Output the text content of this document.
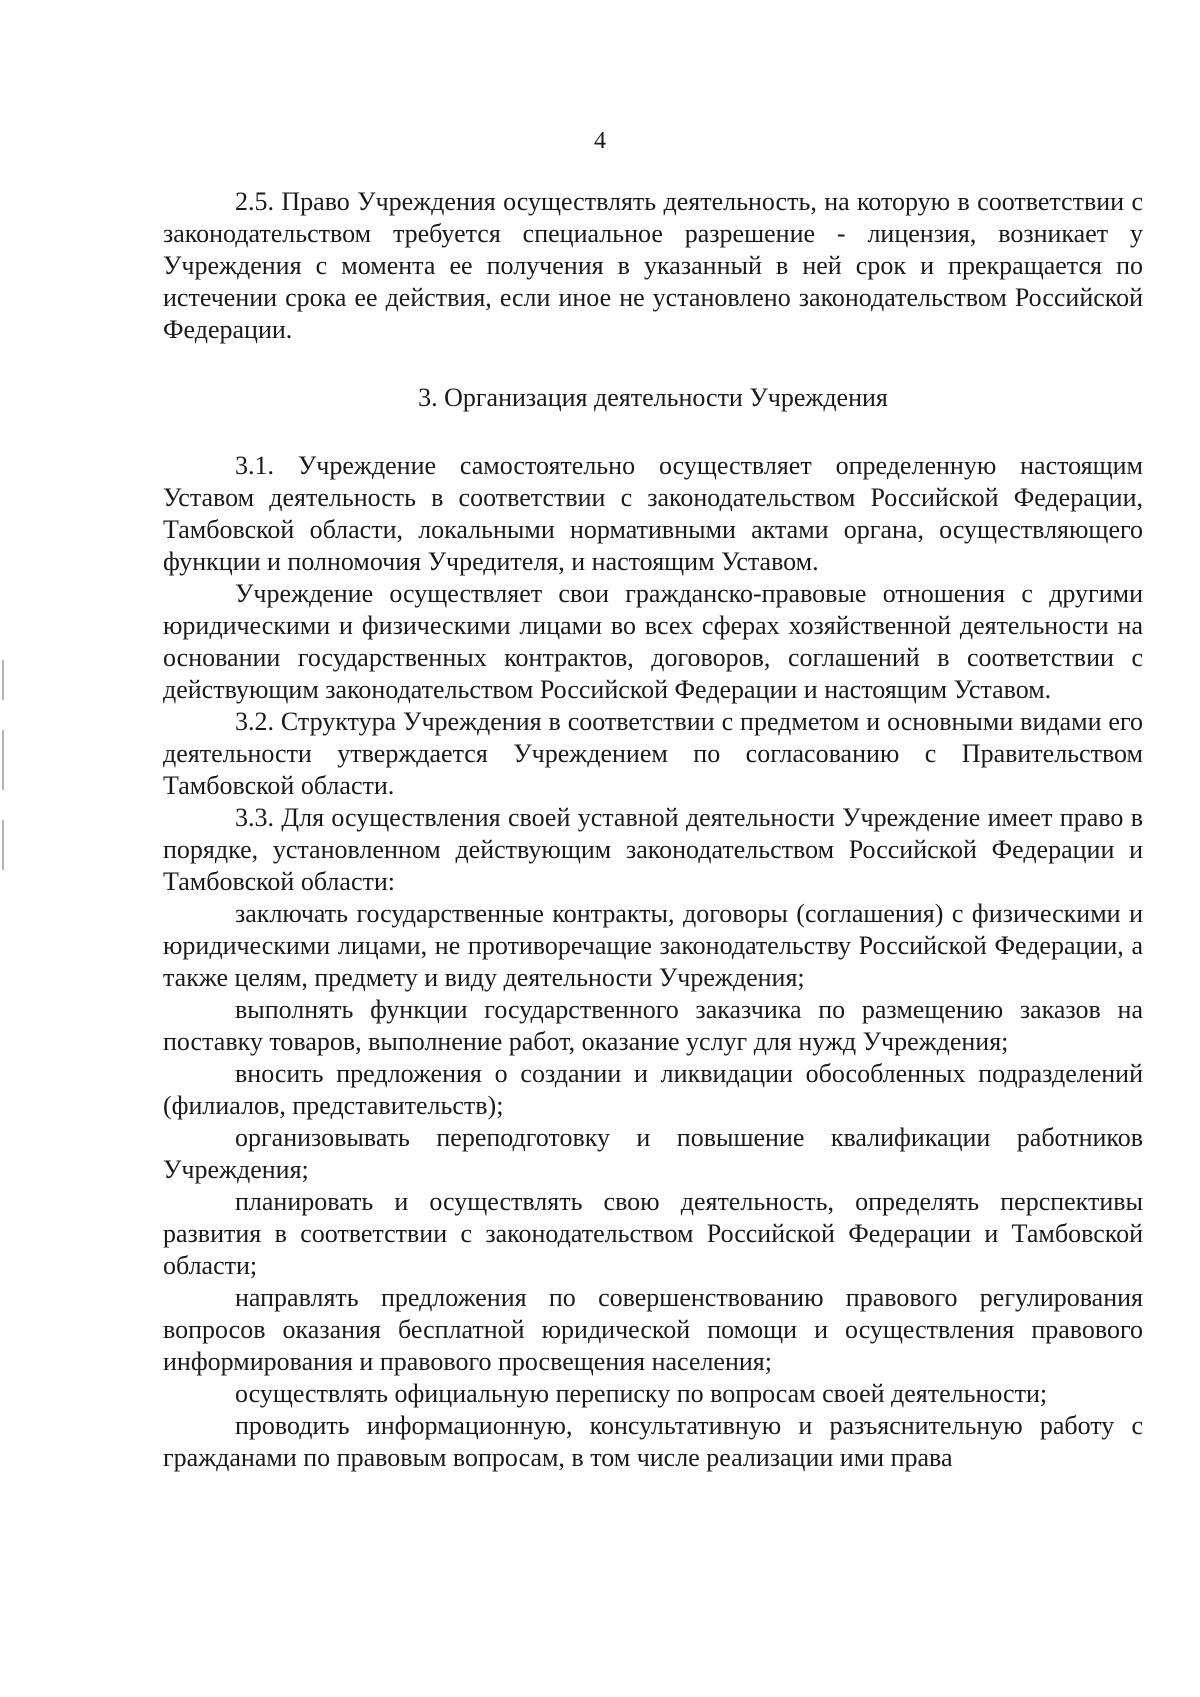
4

2.5. Право Учреждения осуществлять деятельность, на которую в соответствии с законодательством требуется специальное разрешение - лицензия, возникает у Учреждения с момента ее получения в указанный в ней срок и прекращается по истечении срока ее действия, если иное не установлено законодательством Российской Федерации.

3. Организация деятельности Учреждения

3.1. Учреждение самостоятельно осуществляет определенную настоящим Уставом деятельность в соответствии с законодательством Российской Федерации, Тамбовской области, локальными нормативными актами органа, осуществляющего функции и полномочия Учредителя, и настоящим Уставом.

Учреждение осуществляет свои гражданско-правовые отношения с другими юридическими и физическими лицами во всех сферах хозяйственной деятельности на основании государственных контрактов, договоров, соглашений в соответствии с действующим законодательством Российской Федерации и настоящим Уставом.

3.2. Структура Учреждения в соответствии с предметом и основными видами его деятельности утверждается Учреждением по согласованию с Правительством Тамбовской области.

3.3. Для осуществления своей уставной деятельности Учреждение имеет право в порядке, установленном действующим законодательством Российской Федерации и Тамбовской области:

заключать государственные контракты, договоры (соглашения) с физическими и юридическими лицами, не противоречащие законодательству Российской Федерации, а также целям, предмету и виду деятельности Учреждения;

выполнять функции государственного заказчика по размещению заказов на поставку товаров, выполнение работ, оказание услуг для нужд Учреждения;

вносить предложения о создании и ликвидации обособленных подразделений (филиалов, представительств);

организовывать переподготовку и повышение квалификации работников Учреждения;

планировать и осуществлять свою деятельность, определять перспективы развития в соответствии с законодательством Российской Федерации и Тамбовской области;

направлять предложения по совершенствованию правового регулирования вопросов оказания бесплатной юридической помощи и осуществления правового информирования и правового просвещения населения;

осуществлять официальную переписку по вопросам своей деятельности;

проводить информационную, консультативную и разъяснительную работу с гражданами по правовым вопросам, в том числе реализации ими права
